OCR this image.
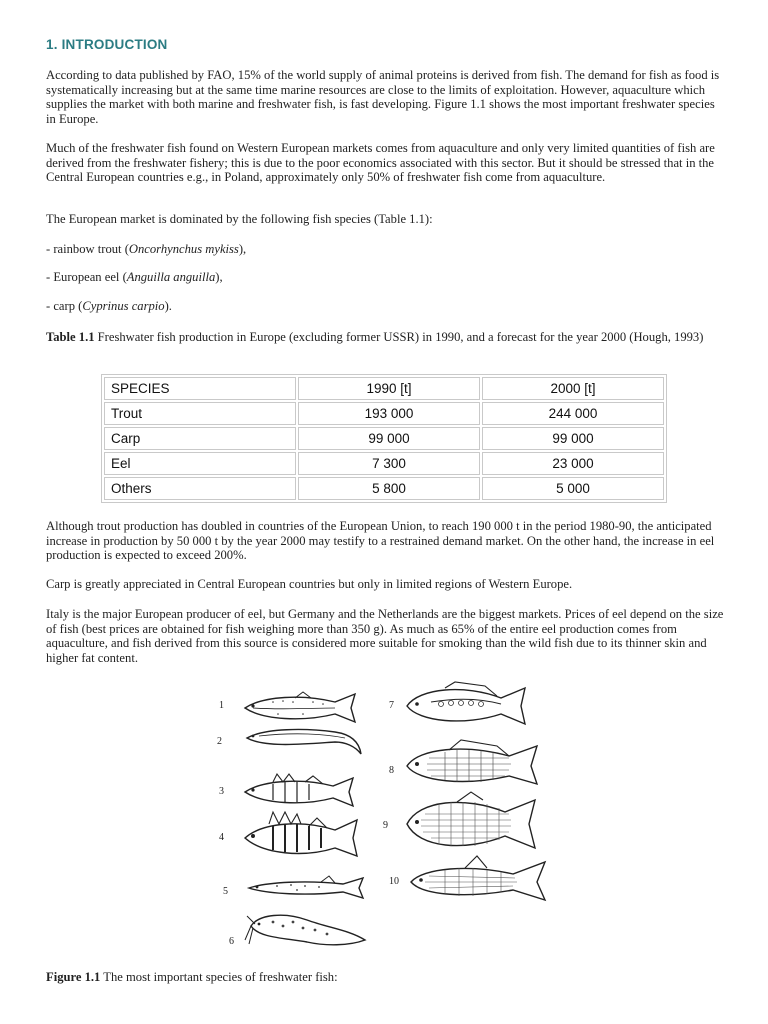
1. INTRODUCTION
According to data published by FAO, 15% of the world supply of animal proteins is derived from fish. The demand for fish as food is systematically increasing but at the same time marine resources are close to the limits of exploitation. However, aquaculture which supplies the market with both marine and freshwater fish, is fast developing. Figure 1.1 shows the most important freshwater species in Europe.
Much of the freshwater fish found on Western European markets comes from aquaculture and only very limited quantities of fish are derived from the freshwater fishery; this is due to the poor economics associated with this sector. But it should be stressed that in the Central European countries e.g., in Poland, approximately only 50% of freshwater fish come from aquaculture.
The European market is dominated by the following fish species (Table 1.1):
- rainbow trout (Oncorhynchus mykiss),
- European eel (Anguilla anguilla),
- carp (Cyprinus carpio).
Table 1.1 Freshwater fish production in Europe (excluding former USSR) in 1990, and a forecast for the year 2000 (Hough, 1993)
SPECIES	1990 [t]	2000 [t]
Trout	193 000	244 000
Carp	99 000	99 000
Eel	7 300	23 000
Others	5 800	5 000
Although trout production has doubled in countries of the European Union, to reach 190 000 t in the period 1980-90, the anticipated increase in production by 50 000 t by the year 2000 may testify to a restrained demand market. On the other hand, the increase in eel production is expected to exceed 200%.
Carp is greatly appreciated in Central European countries but only in limited regions of Western Europe.
Italy is the major European producer of eel, but Germany and the Netherlands are the biggest markets. Prices of eel depend on the size of fish (best prices are obtained for fish weighing more than 350 g). As much as 65% of the entire eel production comes from aquaculture, and fish derived from this source is considered more suitable for smoking than the wild fish due to its thinner skin and higher fat content.
1
2
3
4
5
6
7
8
9
10
Figure 1.1 The most important species of freshwater fish:
